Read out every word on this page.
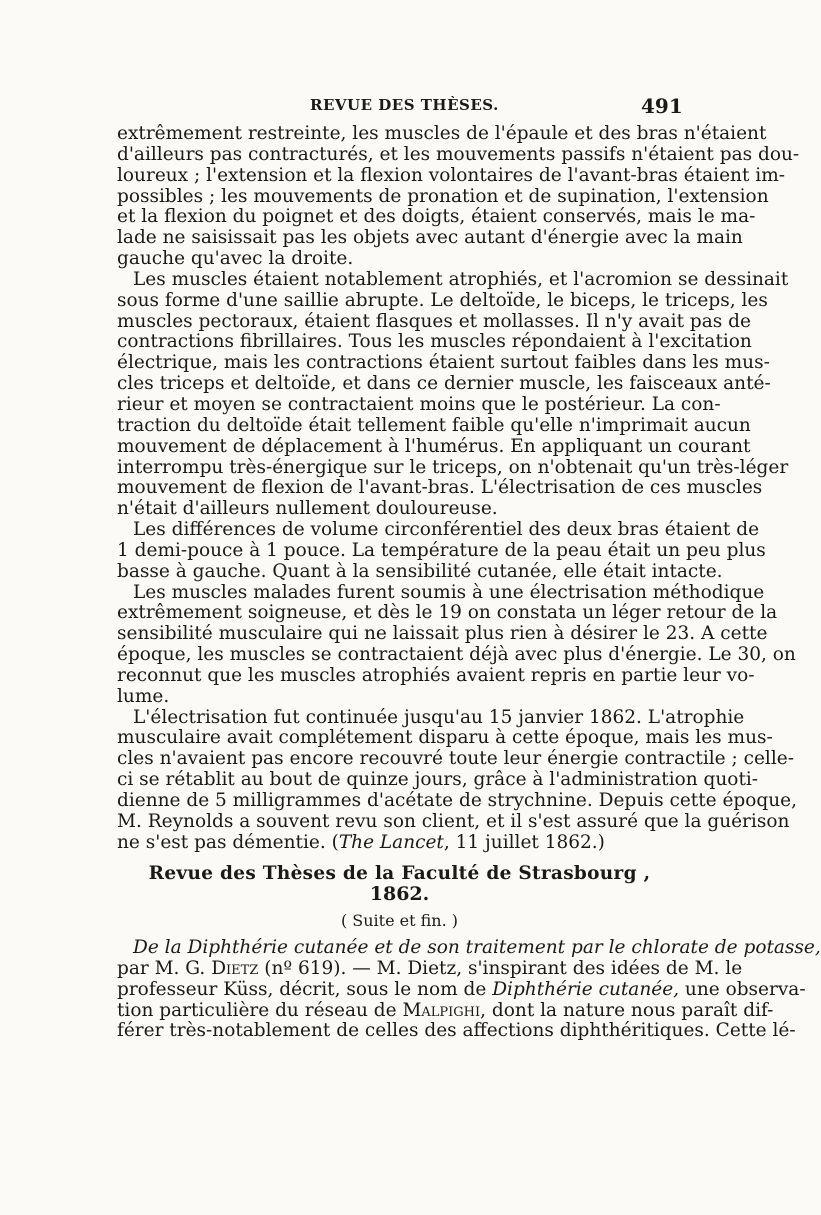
REVUE DES THÈSES.	491
extrêmement restreinte, les muscles de l'épaule et des bras n'étaient
d'ailleurs pas contracturés, et les mouvements passifs n'étaient pas dou-
loureux ; l'extension et la flexion volontaires de l'avant-bras étaient im-
possibles ; les mouvements de pronation et de supination, l'extension
et la flexion du poignet et des doigts, étaient conservés, mais le ma-
lade ne saisissait pas les objets avec autant d'énergie avec la main
gauche qu'avec la droite.
Les muscles étaient notablement atrophiés, et l'acromion se dessinait
sous forme d'une saillie abrupte. Le deltoïde, le biceps, le triceps, les
muscles pectoraux, étaient flasques et mollasses. Il n'y avait pas de
contractions fibrillaires. Tous les muscles répondaient à l'excitation
électrique, mais les contractions étaient surtout faibles dans les mus-
cles triceps et deltoïde, et dans ce dernier muscle, les faisceaux anté-
rieur et moyen se contractaient moins que le postérieur. La con-
traction du deltoïde était tellement faible qu'elle n'imprimait aucun
mouvement de déplacement à l'humérus. En appliquant un courant
interrompu très-énergique sur le triceps, on n'obtenait qu'un très-léger
mouvement de flexion de l'avant-bras. L'électrisation de ces muscles
n'était d'ailleurs nullement douloureuse.
Les différences de volume circonférentiel des deux bras étaient de
1 demi-pouce à 1 pouce. La température de la peau était un peu plus
basse à gauche. Quant à la sensibilité cutanée, elle était intacte.
Les muscles malades furent soumis à une électrisation méthodique
extrêmement soigneuse, et dès le 19 on constata un léger retour de la
sensibilité musculaire qui ne laissait plus rien à désirer le 23. A cette
époque, les muscles se contractaient déjà avec plus d'énergie. Le 30, on
reconnut que les muscles atrophiés avaient repris en partie leur vo-
lume.
L'électrisation fut continuée jusqu'au 15 janvier 1862. L'atrophie
musculaire avait complétement disparu à cette époque, mais les mus-
cles n'avaient pas encore recouvré toute leur énergie contractile ; celle-
ci se rétablit au bout de quinze jours, grâce à l'administration quoti-
dienne de 5 milligrammes d'acétate de strychnine. Depuis cette époque,
M. Reynolds a souvent revu son client, et il s'est assuré que la guérison
ne s'est pas démentie. (The Lancet, 11 juillet 1862.)
Revue des Thèses de la Faculté de Strasbourg ,
1862.
( Suite et fin. )
De la Diphthérie cutanée et de son traitement par le chlorate de potasse,
par M. G. Dietz (nº 619). — M. Dietz, s'inspirant des idées de M. le
professeur Küss, décrit, sous le nom de Diphthérie cutanée, une observa-
tion particulière du réseau de Malpighi, dont la nature nous paraît dif-
férer très-notablement de celles des affections diphthéritiques. Cette lé-
